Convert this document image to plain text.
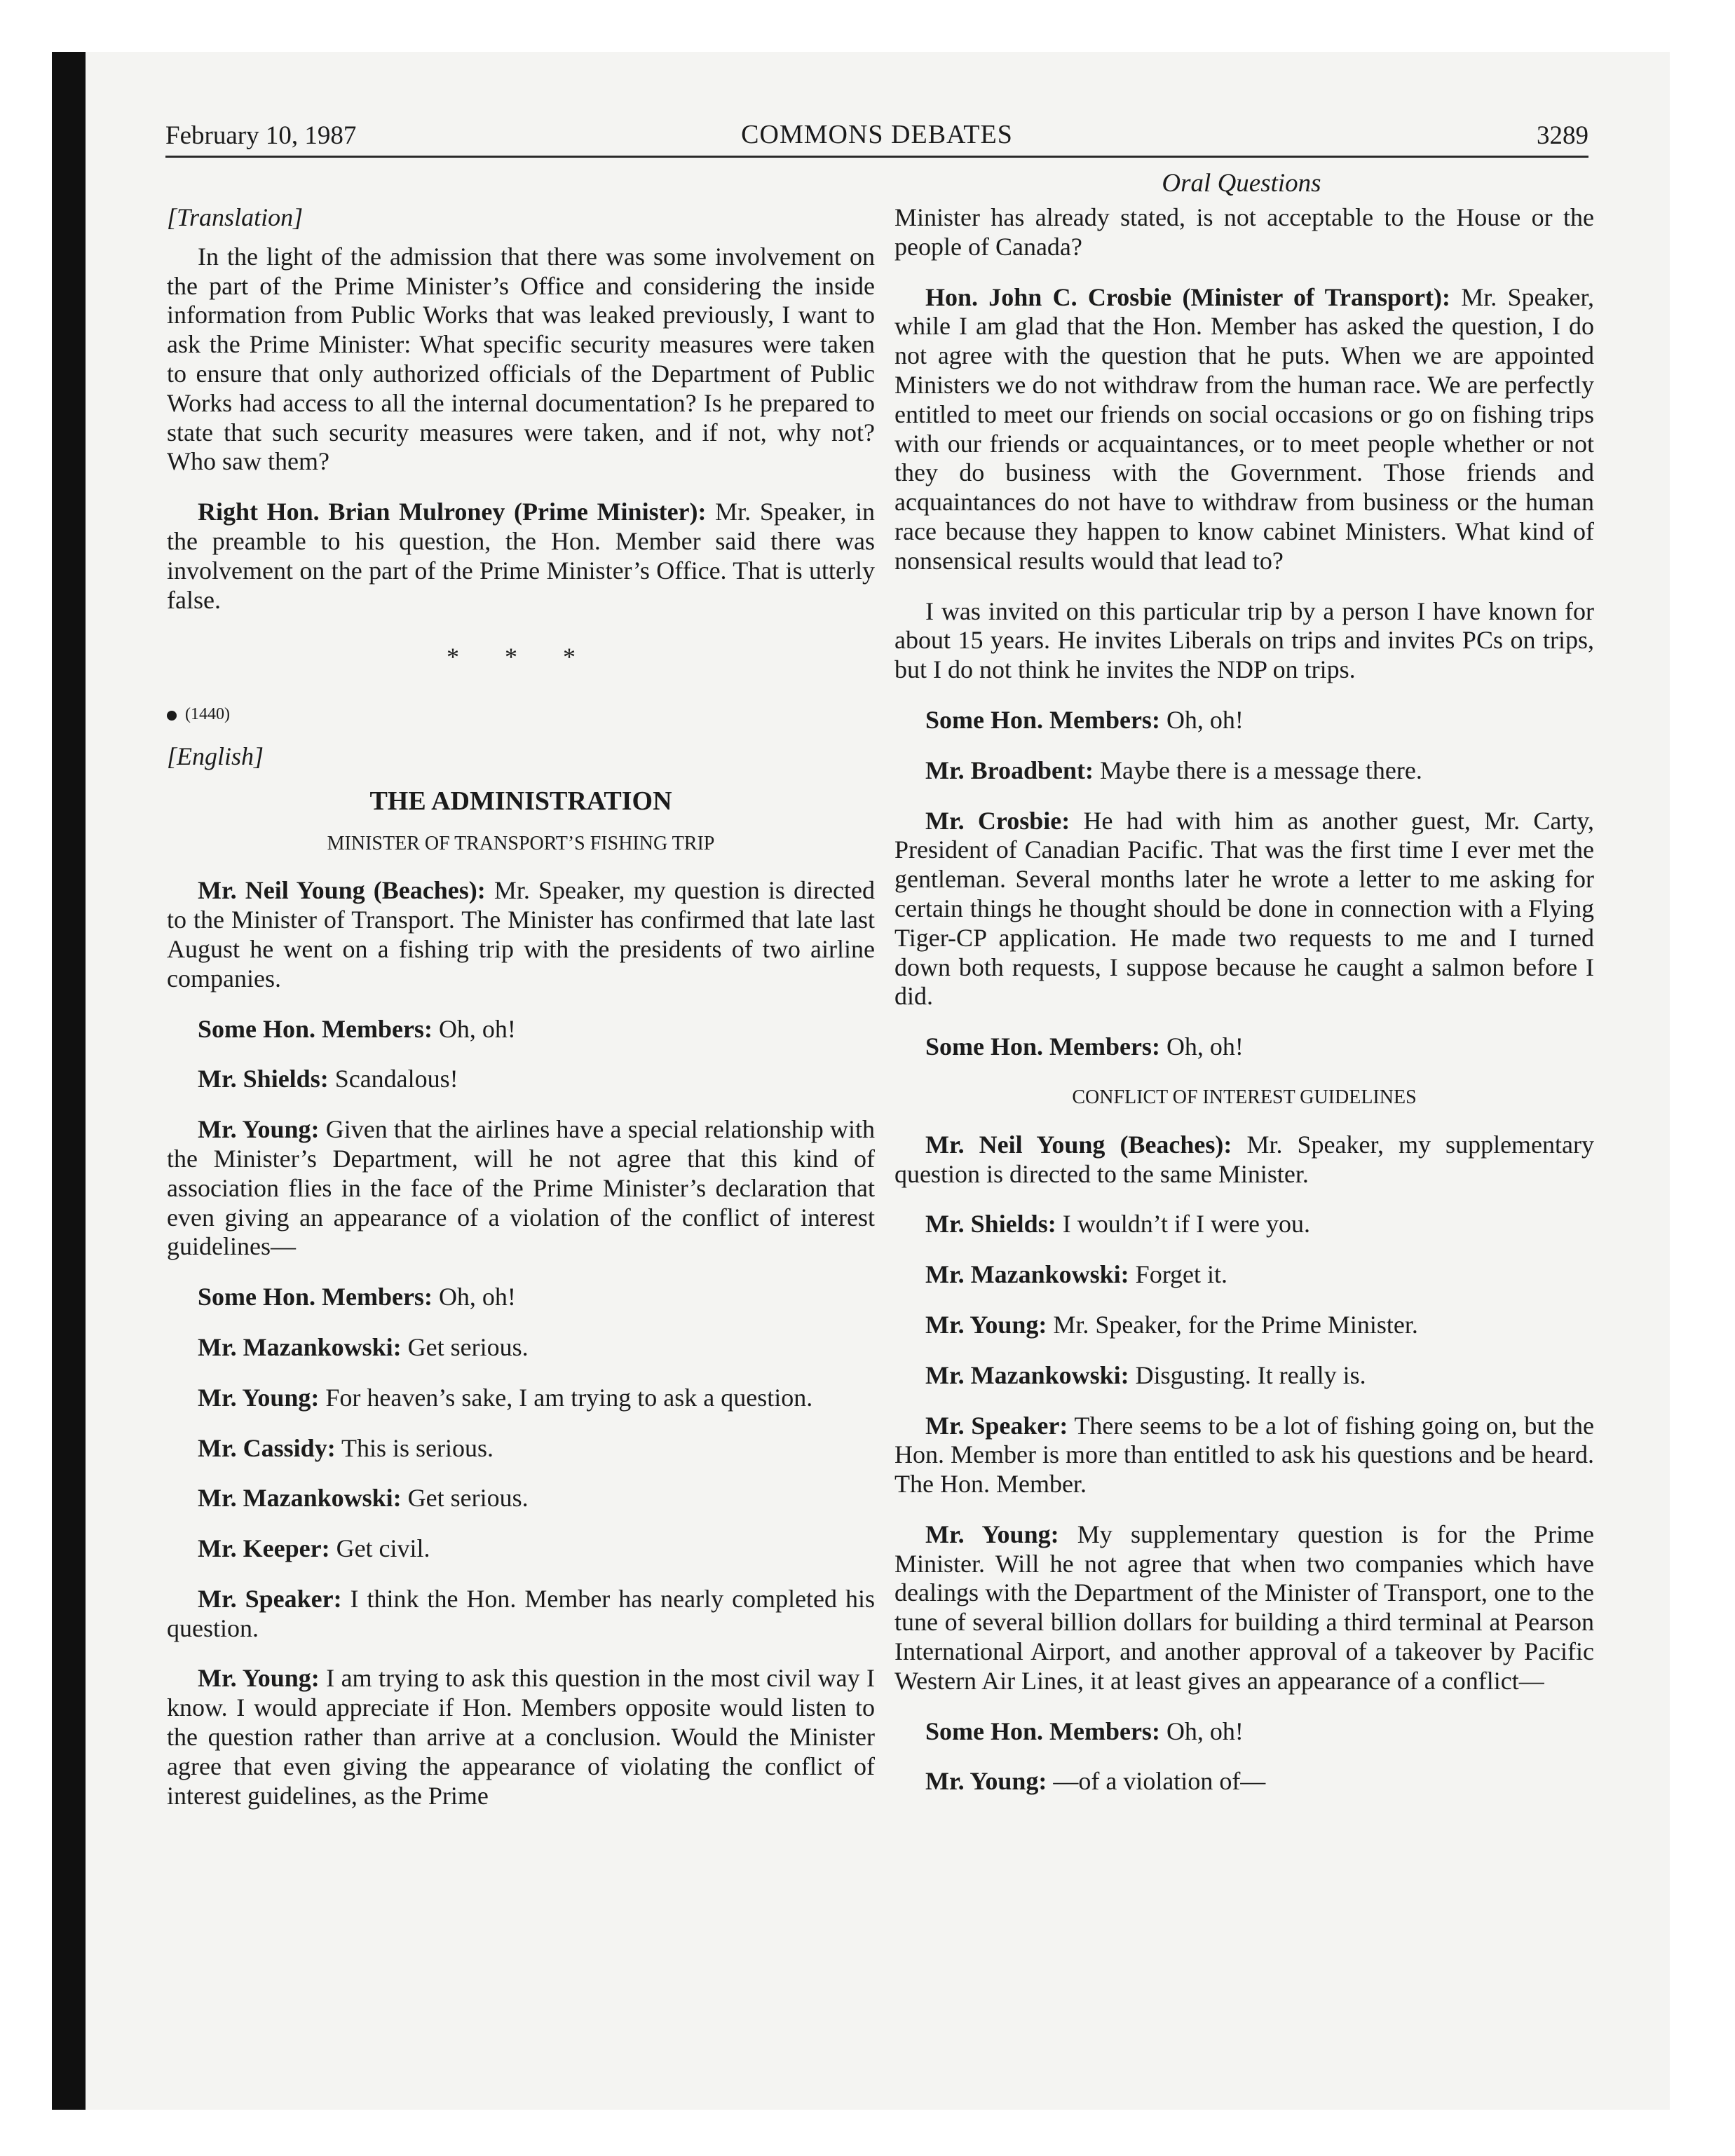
February 10, 1987	COMMONS DEBATES	3289
Oral Questions

[Translation]

In the light of the admission that there was some involvement on the part of the Prime Minister’s Office and considering the inside information from Public Works that was leaked previously, I want to ask the Prime Minister: What specific security measures were taken to ensure that only authorized officials of the Department of Public Works had access to all the internal documentation? Is he prepared to state that such security measures were taken, and if not, why not? Who saw them?

Right Hon. Brian Mulroney (Prime Minister): Mr. Speaker, in the preamble to his question, the Hon. Member said there was involvement on the part of the Prime Minister’s Office. That is utterly false.

* * *
(1440)

[English]

THE ADMINISTRATION
MINISTER OF TRANSPORT’S FISHING TRIP

Mr. Neil Young (Beaches): Mr. Speaker, my question is directed to the Minister of Transport. The Minister has confirmed that late last August he went on a fishing trip with the presidents of two airline companies.

Some Hon. Members: Oh, oh!

Mr. Shields: Scandalous!

Mr. Young: Given that the airlines have a special relationship with the Minister’s Department, will he not agree that this kind of association flies in the face of the Prime Minister’s declaration that even giving an appearance of a violation of the conflict of interest guidelines—

Some Hon. Members: Oh, oh!

Mr. Mazankowski: Get serious.

Mr. Young: For heaven’s sake, I am trying to ask a question.

Mr. Cassidy: This is serious.

Mr. Mazankowski: Get serious.

Mr. Keeper: Get civil.

Mr. Speaker: I think the Hon. Member has nearly completed his question.

Mr. Young: I am trying to ask this question in the most civil way I know. I would appreciate if Hon. Members opposite would listen to the question rather than arrive at a conclusion. Would the Minister agree that even giving the appearance of violating the conflict of interest guidelines, as the Prime

Minister has already stated, is not acceptable to the House or the people of Canada?

Hon. John C. Crosbie (Minister of Transport): Mr. Speaker, while I am glad that the Hon. Member has asked the question, I do not agree with the question that he puts. When we are appointed Ministers we do not withdraw from the human race. We are perfectly entitled to meet our friends on social occasions or go on fishing trips with our friends or acquaintances, or to meet people whether or not they do business with the Government. Those friends and acquaintances do not have to withdraw from business or the human race because they happen to know cabinet Ministers. What kind of nonsensical results would that lead to?

I was invited on this particular trip by a person I have known for about 15 years. He invites Liberals on trips and invites PCs on trips, but I do not think he invites the NDP on trips.

Some Hon. Members: Oh, oh!

Mr. Broadbent: Maybe there is a message there.

Mr. Crosbie: He had with him as another guest, Mr. Carty, President of Canadian Pacific. That was the first time I ever met the gentleman. Several months later he wrote a letter to me asking for certain things he thought should be done in connection with a Flying Tiger-CP application. He made two requests to me and I turned down both requests, I suppose because he caught a salmon before I did.

Some Hon. Members: Oh, oh!

CONFLICT OF INTEREST GUIDELINES

Mr. Neil Young (Beaches): Mr. Speaker, my supplementary question is directed to the same Minister.

Mr. Shields: I wouldn’t if I were you.

Mr. Mazankowski: Forget it.

Mr. Young: Mr. Speaker, for the Prime Minister.

Mr. Mazankowski: Disgusting. It really is.

Mr. Speaker: There seems to be a lot of fishing going on, but the Hon. Member is more than entitled to ask his questions and be heard. The Hon. Member.

Mr. Young: My supplementary question is for the Prime Minister. Will he not agree that when two companies which have dealings with the Department of the Minister of Transport, one to the tune of several billion dollars for building a third terminal at Pearson International Airport, and another approval of a takeover by Pacific Western Air Lines, it at least gives an appearance of a conflict—

Some Hon. Members: Oh, oh!

Mr. Young: —of a violation of—
